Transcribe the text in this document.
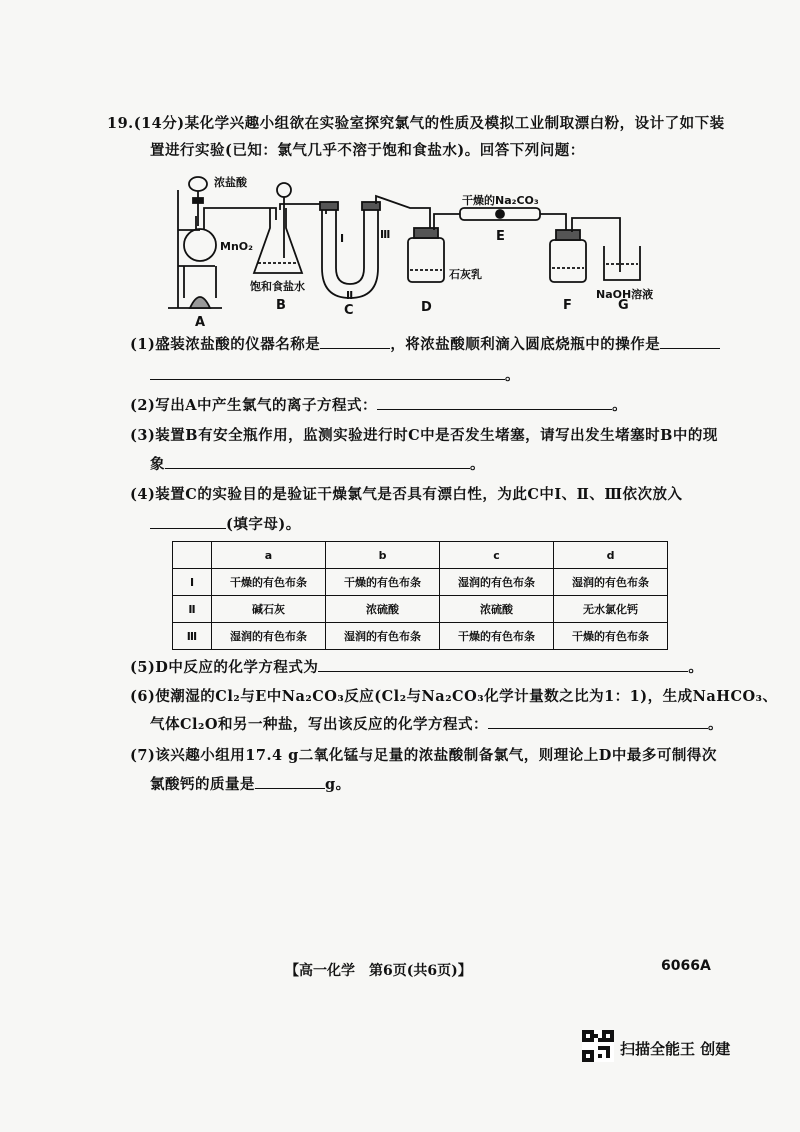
19.(14分)某化学兴趣小组欲在实验室探究氯气的性质及模拟工业制取漂白粉，设计了如下装
置进行实验(已知：氯气几乎不溶于饱和食盐水)。回答下列问题：
浓盐酸
MnO₂
饱和食盐水
干燥的Na₂CO₃
石灰乳
NaOH溶液
Ⅰ
Ⅱ
Ⅲ
A
B	C	D
E
F	G
(1)盛装浓盐酸的仪器名称是	，将浓盐酸顺利滴入圆底烧瓶中的操作是
。
(2)写出A中产生氯气的离子方程式：	。
(3)装置B有安全瓶作用，监测实验进行时C中是否发生堵塞，请写出发生堵塞时B中的现
象	。
(4)装置C的实验目的是验证干燥氯气是否具有漂白性，为此C中Ⅰ、Ⅱ、Ⅲ依次放入
(填字母)。
	a	b	c	d
Ⅰ	干燥的有色布条	干燥的有色布条	湿润的有色布条	湿润的有色布条
Ⅱ	碱石灰	浓硫酸	浓硫酸	无水氯化钙
Ⅲ	湿润的有色布条	湿润的有色布条	干燥的有色布条	干燥的有色布条
(5)D中反应的化学方程式为	。
(6)使潮湿的Cl₂与E中Na₂CO₃反应(Cl₂与Na₂CO₃化学计量数之比为1：1)，生成NaHCO₃、
气体Cl₂O和另一种盐，写出该反应的化学方程式：	。
(7)该兴趣小组用17.4 g二氧化锰与足量的浓盐酸制备氯气，则理论上D中最多可制得次
氯酸钙的质量是	g。
【高一化学　第6页(共6页)】	6066A
扫描全能王 创建
